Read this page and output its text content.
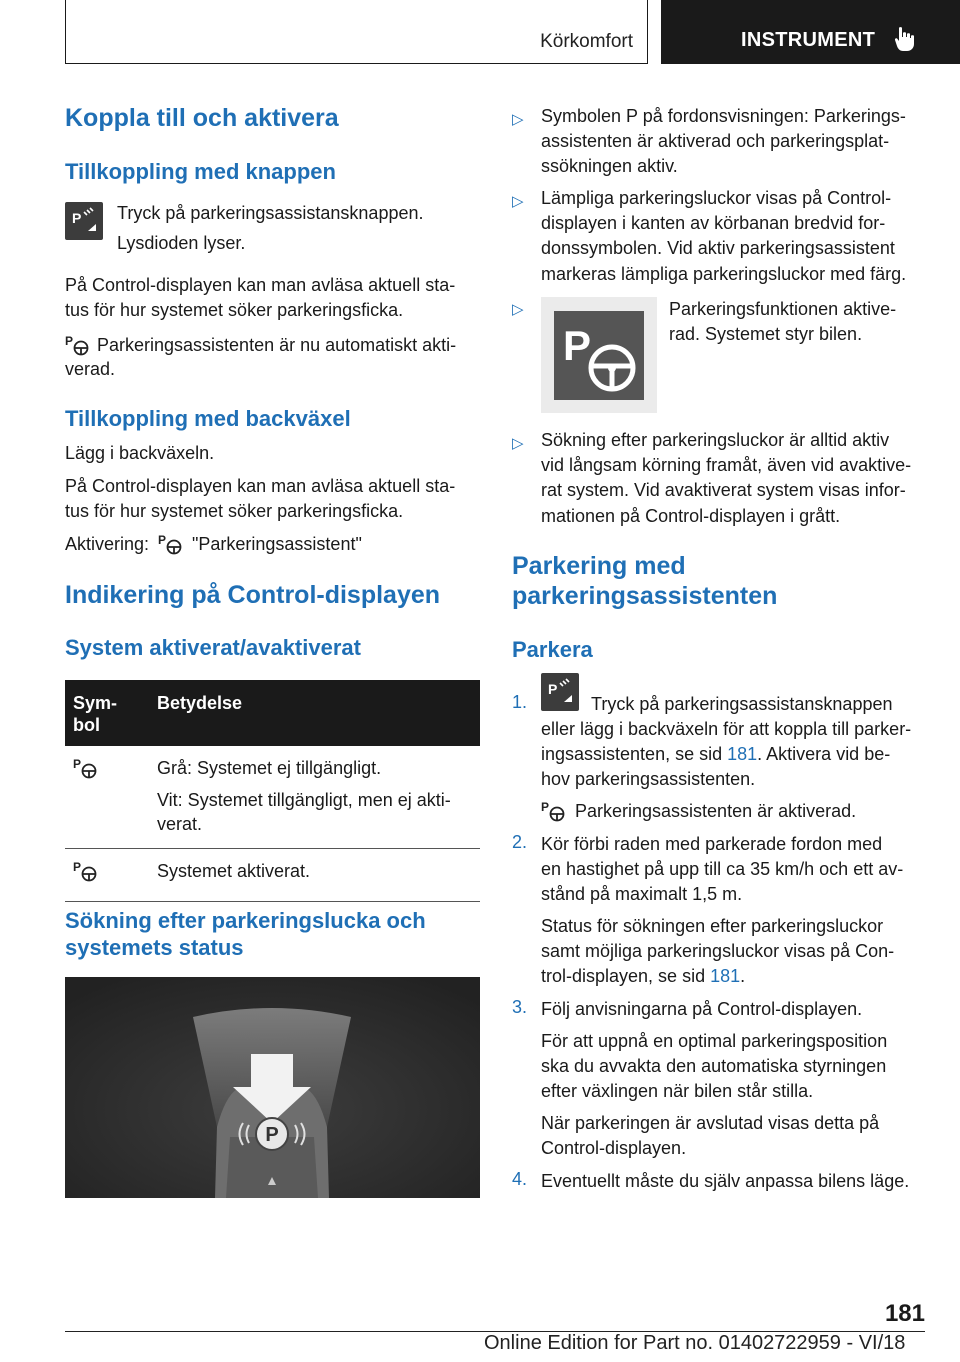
Körkomfort	INSTRUMENT
Koppla till och aktivera
Tillkoppling med knappen
P Tryck på parkeringsassistansknappen.
Lysdioden lyser.
På Control-displayen kan man avläsa aktuell sta-
tus för hur systemet söker parkeringsficka.
P Parkeringsassistenten är nu automatiskt akti-
verad.
Tillkoppling med backväxel
Lägg i backväxeln.
På Control-displayen kan man avläsa aktuell sta-
tus för hur systemet söker parkeringsficka.
Aktivering: P "Parkeringsassistent"
Indikering på Control-displayen
System aktiverat/avaktiverat
Sym-
bol	Betydelse

P	Grå: Systemet ej tillgängligt.
Vit: Systemet tillgängligt, men ej akti-
verat.

P	Systemet aktiverat.
Sökning efter parkeringslucka och
systemets status
P
▷ Symbolen P på fordonsvisningen: Parkerings-
assistenten är aktiverad och parkeringsplat-
ssökningen aktiv.
▷ Lämpliga parkeringsluckor visas på Control-
displayen i kanten av körbanan bredvid for-
donssymbolen. Vid aktiv parkeringsassistent
markeras lämpliga parkeringsluckor med färg.
▷
P
Parkeringsfunktionen aktive-
rad. Systemet styr bilen.
▷ Sökning efter parkeringsluckor är alltid aktiv
vid långsam körning framåt, även vid avaktive-
rat system. Vid avaktiverat system visas infor-
mationen på Control-displayen i grått.
Parkering med
parkeringsassistenten
Parkera
1.
P
Tryck på parkeringsassistansknappen
eller lägg i backväxeln för att koppla till parker-
ingsassistenten, se sid 181. Aktivera vid be-
hov parkeringsassistenten.
P Parkeringsassistenten är aktiverad.
2. Kör förbi raden med parkerade fordon med
en hastighet på upp till ca 35 km/h och ett av-
stånd på maximalt 1,5 m.
Status för sökningen efter parkeringsluckor
samt möjliga parkeringsluckor visas på Con-
trol-displayen, se sid 181.
3. Följ anvisningarna på Control-displayen.
För att uppnå en optimal parkeringsposition
ska du avvakta den automatiska styrningen
efter växlingen när bilen står stilla.
När parkeringen är avslutad visas detta på
Control-displayen.
4. Eventuellt måste du själv anpassa bilens läge.
181
Online Edition for Part no. 01402722959 - VI/18
